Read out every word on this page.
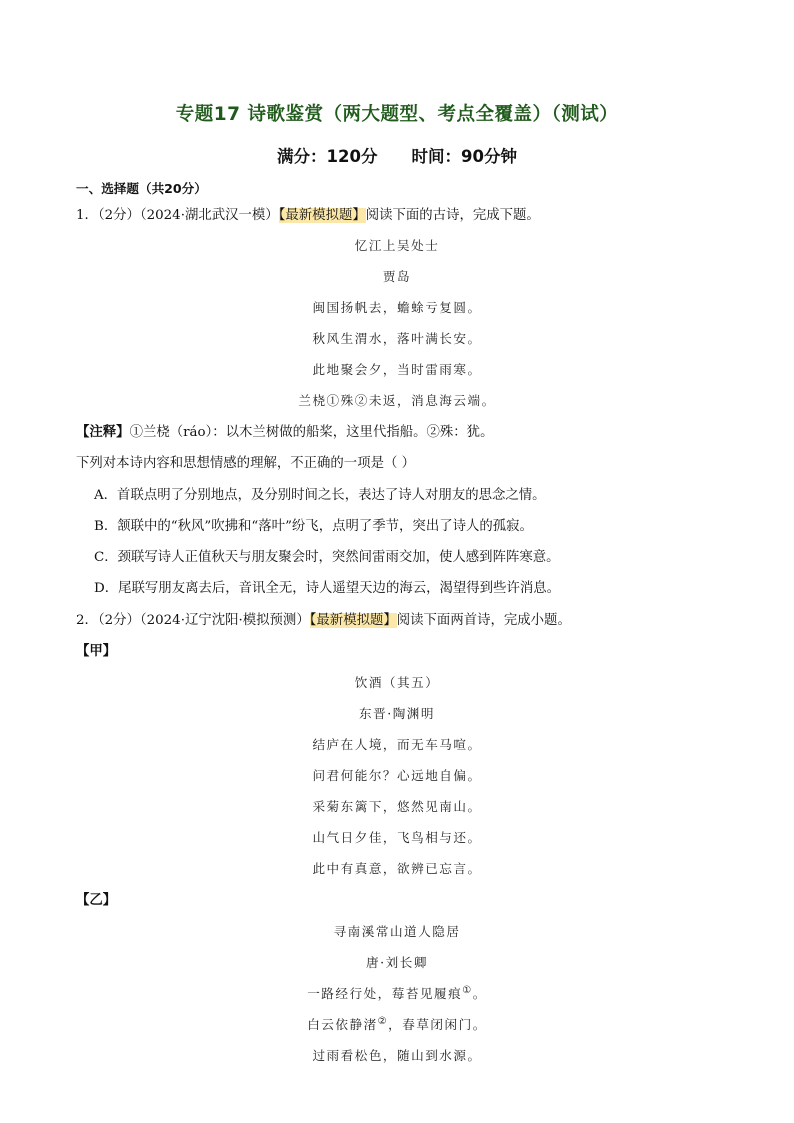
专题17 诗歌鉴赏（两大题型、考点全覆盖）（测试）
满分：120分 时间：90分钟
一、选择题（共20分）
1．（2分）（2024·湖北武汉一模）【最新模拟题】阅读下面的古诗，完成下题。
忆江上吴处士
贾岛
闽国扬帆去，蟾蜍亏复圆。
秋风生渭水，落叶满长安。
此地聚会夕，当时雷雨寒。
兰桡①殊②未返，消息海云端。
【注释】①兰桡（ráo）：以木兰树做的船桨，这里代指船。②殊：犹。
下列对本诗内容和思想情感的理解，不正确的一项是（ ）
A．首联点明了分别地点，及分别时间之长，表达了诗人对朋友的思念之情。
B．颔联中的“秋风”吹拂和“落叶”纷飞，点明了季节，突出了诗人的孤寂。
C．颈联写诗人正值秋天与朋友聚会时，突然间雷雨交加，使人感到阵阵寒意。
D．尾联写朋友离去后，音讯全无，诗人遥望天边的海云，渴望得到些许消息。
2．（2分）（2024·辽宁沈阳·模拟预测）【最新模拟题】阅读下面两首诗，完成小题。
【甲】
饮酒（其五）
东晋·陶渊明
结庐在人境，而无车马喧。
问君何能尔？心远地自偏。
采菊东篱下，悠然见南山。
山气日夕佳，飞鸟相与还。
此中有真意，欲辨已忘言。
【乙】
寻南溪常山道人隐居
唐·刘长卿
一路经行处，莓苔见履痕①。
白云依静渚②，春草闭闲门。
过雨看松色，随山到水源。
